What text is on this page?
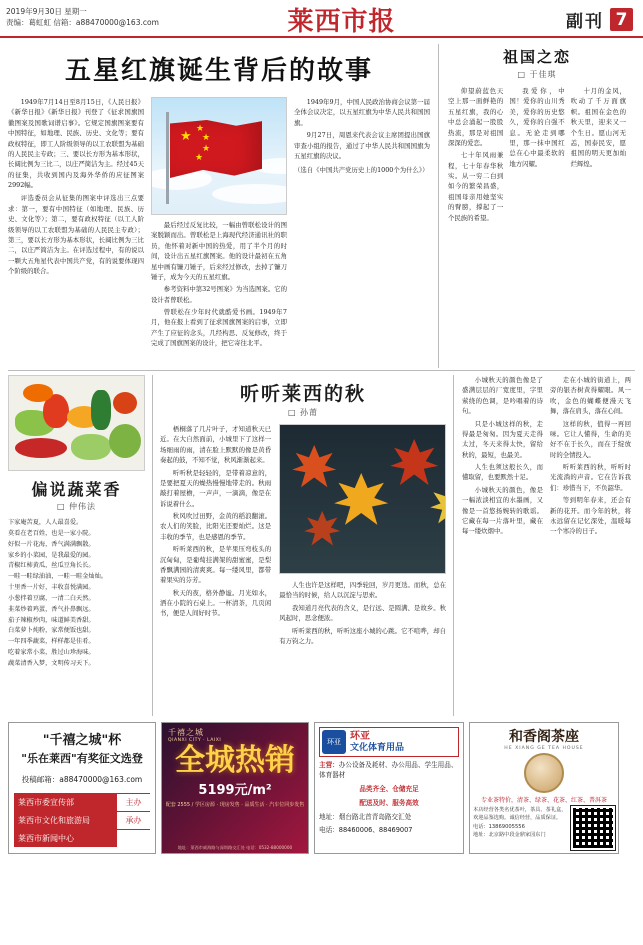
2019年9月30日 星期一
责编：葛虹虹 信箱：a88470000@163.com	莱西市报	副刊 7
五星红旗诞生背后的故事

1949年7月14日至8月15日，《人民日报》《新华日报》《新华日报》刊登了《征求国旗国徽图案及国歌词谱启事》。它规定国旗图案要有中国特征，如地理、民族、历史、文化等；要有政权特征，即工人阶级领导的以工农联盟为基础的人民民主专政；三、要以长方形为基本形状，长阔比例为三比二，以庄严简洁为主。经过45天的征集，共收到国内及海外华侨的应征图案2992幅。

评选委员会从征集的图案中评选出三点要求：第一，要有中国特征（如地理、民族、历史、文化等）；第二，要有政权特征（以工人阶级领导的以工农联盟为基础的人民民主专政）；第三，要以长方形为基本形状，长阔比例为三比二，以庄严简洁为主。在评选过程中，有的说以一颗大五角星代表中国共产党，有的说要体现四个阶级的联合。

★ ★
★
★
★

最后经过反复比较，一幅由曾联松设计的图案脱颖而出。曾联松是上海现代经济通讯社的职员，他怀着对新中国的热爱，用了半个月的时间，设计出五星红旗图案。他的设计最初在五角星中画有镰刀锤子，后来经过修改，去掉了镰刀锤子，成为今天的五星红旗。

参考资料中第32号图案》为当选图案。它的设计者曾联松。

曾联松在少年时代就酷爱书画。1949年7月，他在报上看到了征求国旗图案的启事，立即产生了应征的念头，几经构思、反复修改，终于完成了国旗图案的设计，把它寄往北平。

1949年9月，中国人民政治协商会议第一届全体会议决定，以五星红旗为中华人民共和国国旗。

9月27日，周恩来代表会议主席团提出国旗审查小组的报告，通过了中华人民共和国国旗为五星红旗的决议。

（选自《中国共产党历史上的1000个为什么》）

祖国之恋
□ 于佳琪

仰望蔚蓝色天空上那一面鲜艳的五星红旗，我的心中总会涌起一股股热流，那是对祖国深深的爱恋。

七十年风雨兼程，七十年春华秋实。从一穷二白到如今的繁荣昌盛，祖国母亲用她坚实的臂膀，撑起了一个民族的希望。

我爱你，中国！爱你的山川秀美，爱你的历史悠久，爱你的自强不息。无论走到哪里，那一抹中国红总在心中最柔软的地方闪耀。

十月的金风，吹动了千万面旗帜。祖国在金色的秋天里，迎来又一个生日。愿山河无恙，国泰民安，愿祖国的明天更加灿烂辉煌。

偏说蔬菜香
□ 仲伟法

卞家庵苦夏，人人最喜爱。

莫看在老百姓，也是一家小院。

好似一片花海，香气满满飘散。

家乡的小菜园，是我最爱的园。

青椒红柿黄瓜，丝瓜豆角长长。

一畦一畦绿油油，一畦一畦金灿灿。

十里香一片好，丰收喜悦满园。

小葱拌着豆腐，一清二白天然。

韭菜炒着鸡蛋，香气扑鼻飘远。

茄子辣椒炒肉，味道鲜美香甜。

白菜萝卜炖粉，家常便饭也甜。

一年四季蔬菜，样样都是佳肴。

吃着家常小菜，胜过山珍海味。

蔬菜清香入梦，文明传习天下。

听听莱西的秋
□ 孙莆

梧桐落了几片叶子，才知道秋天已近。在大自然面前，小城里下了这样一场细雨的雨，清在脸上默默的像是黄昏奏起的鼓，不知不觉，秋风渐渐起来。

听听秋是轻轻的，是带着凉意的，是要把夏天的燥热慢慢地带走的。秋雨敲打着屋檐，一声声，一滴滴，像是在诉说着什么。

秋风吹过田野，金黄的稻浪翻滚。农人们的笑脸，比阳光还要灿烂。这是丰收的季节，也是感恩的季节。

听听莱西的秋，是苹果压弯枝头的沉甸甸，是葡萄挂满架的甜蜜蜜，是梨香飘满园的清爽爽。每一缕风里，都带着果实的芬芳。

秋天的夜，格外静谧。月光如水，洒在小院的石桌上。一杯清茶，几页闲书，便是人间好时节。

人生也许是这样吧，四季轮回，岁月更迭。而秋，总在最恰当的时候，给人以沉淀与思索。

我知道月亮代表的含义，是行远、是圆满、是故乡。秋风起时，思念便浓。

听听莱西的秋，听听这座小城的心跳。它不喧哗，却自有万钧之力。

小城秋天的颜色像是了盛满层层的厂宽度里，字里萦绕的色调，是吟唱着的诗句。

只是小城这样的秋，走得最是匆匆。因为夏天走得太过，冬天来得太快，留给秋的，最短，也最美。

人生也须这般长久，而懂取留，也要默然十足。

小城秋天的颜色，像是一幅浓淡相宜的水墨画，又像是一首悠扬婉转的歌谣。它藏在每一片落叶里，藏在每一缕炊烟中。

走在小城的街道上，两旁的银杏树黄得耀眼。风一吹，金色的蝴蝶便漫天飞舞，落在肩头，落在心间。

这样的秋，值得一再回味。它让人懂得，生命的美好不在于长久，而在于绽放时的全情投入。

听听莱西的秋，听听时光流淌的声音。它在告诉我们：珍惜当下，不负韶华。

等到明年春来，还会有新的花开。而今年的秋，将永远留在记忆深处，温暖每一个寒冷的日子。

"千禧之城"杯
"乐在莱西"有奖征文选登
投稿邮箱：a88470000@163.com
莱西市委宣传部	主办
莱西市文化和旅游局	承办
莱西市新闻中心
千禧之城
QIANXI CITY · LAIXI
全城热销
5199元/m²
配套 2555 / 学区房源 · 现房发售 · 品质生活 · 汽车位同步发售
地址：莱西市威海路与深圳路交汇处 电话：0532-88000000
环亚
环亚
文化体育用品
主营：办公设备及耗材、办公用品、学生用品、体育器材
品类齐全、仓储充足
配送及时、服务高效
地址：烟台路北首青岛路交汇处
电话：88460006、88469007
和香阁茶座
HE XIANG GE TEA HOUSE
专业茶特价，清茶、绿茶、花茶、红茶、普洱茶
本店经营各类名优茶叶，茶具、茶礼盒，欢迎品鉴选购。诚信经营，品质保证。
电话：13869005556
地址：北京路中段金鼎家园东门
